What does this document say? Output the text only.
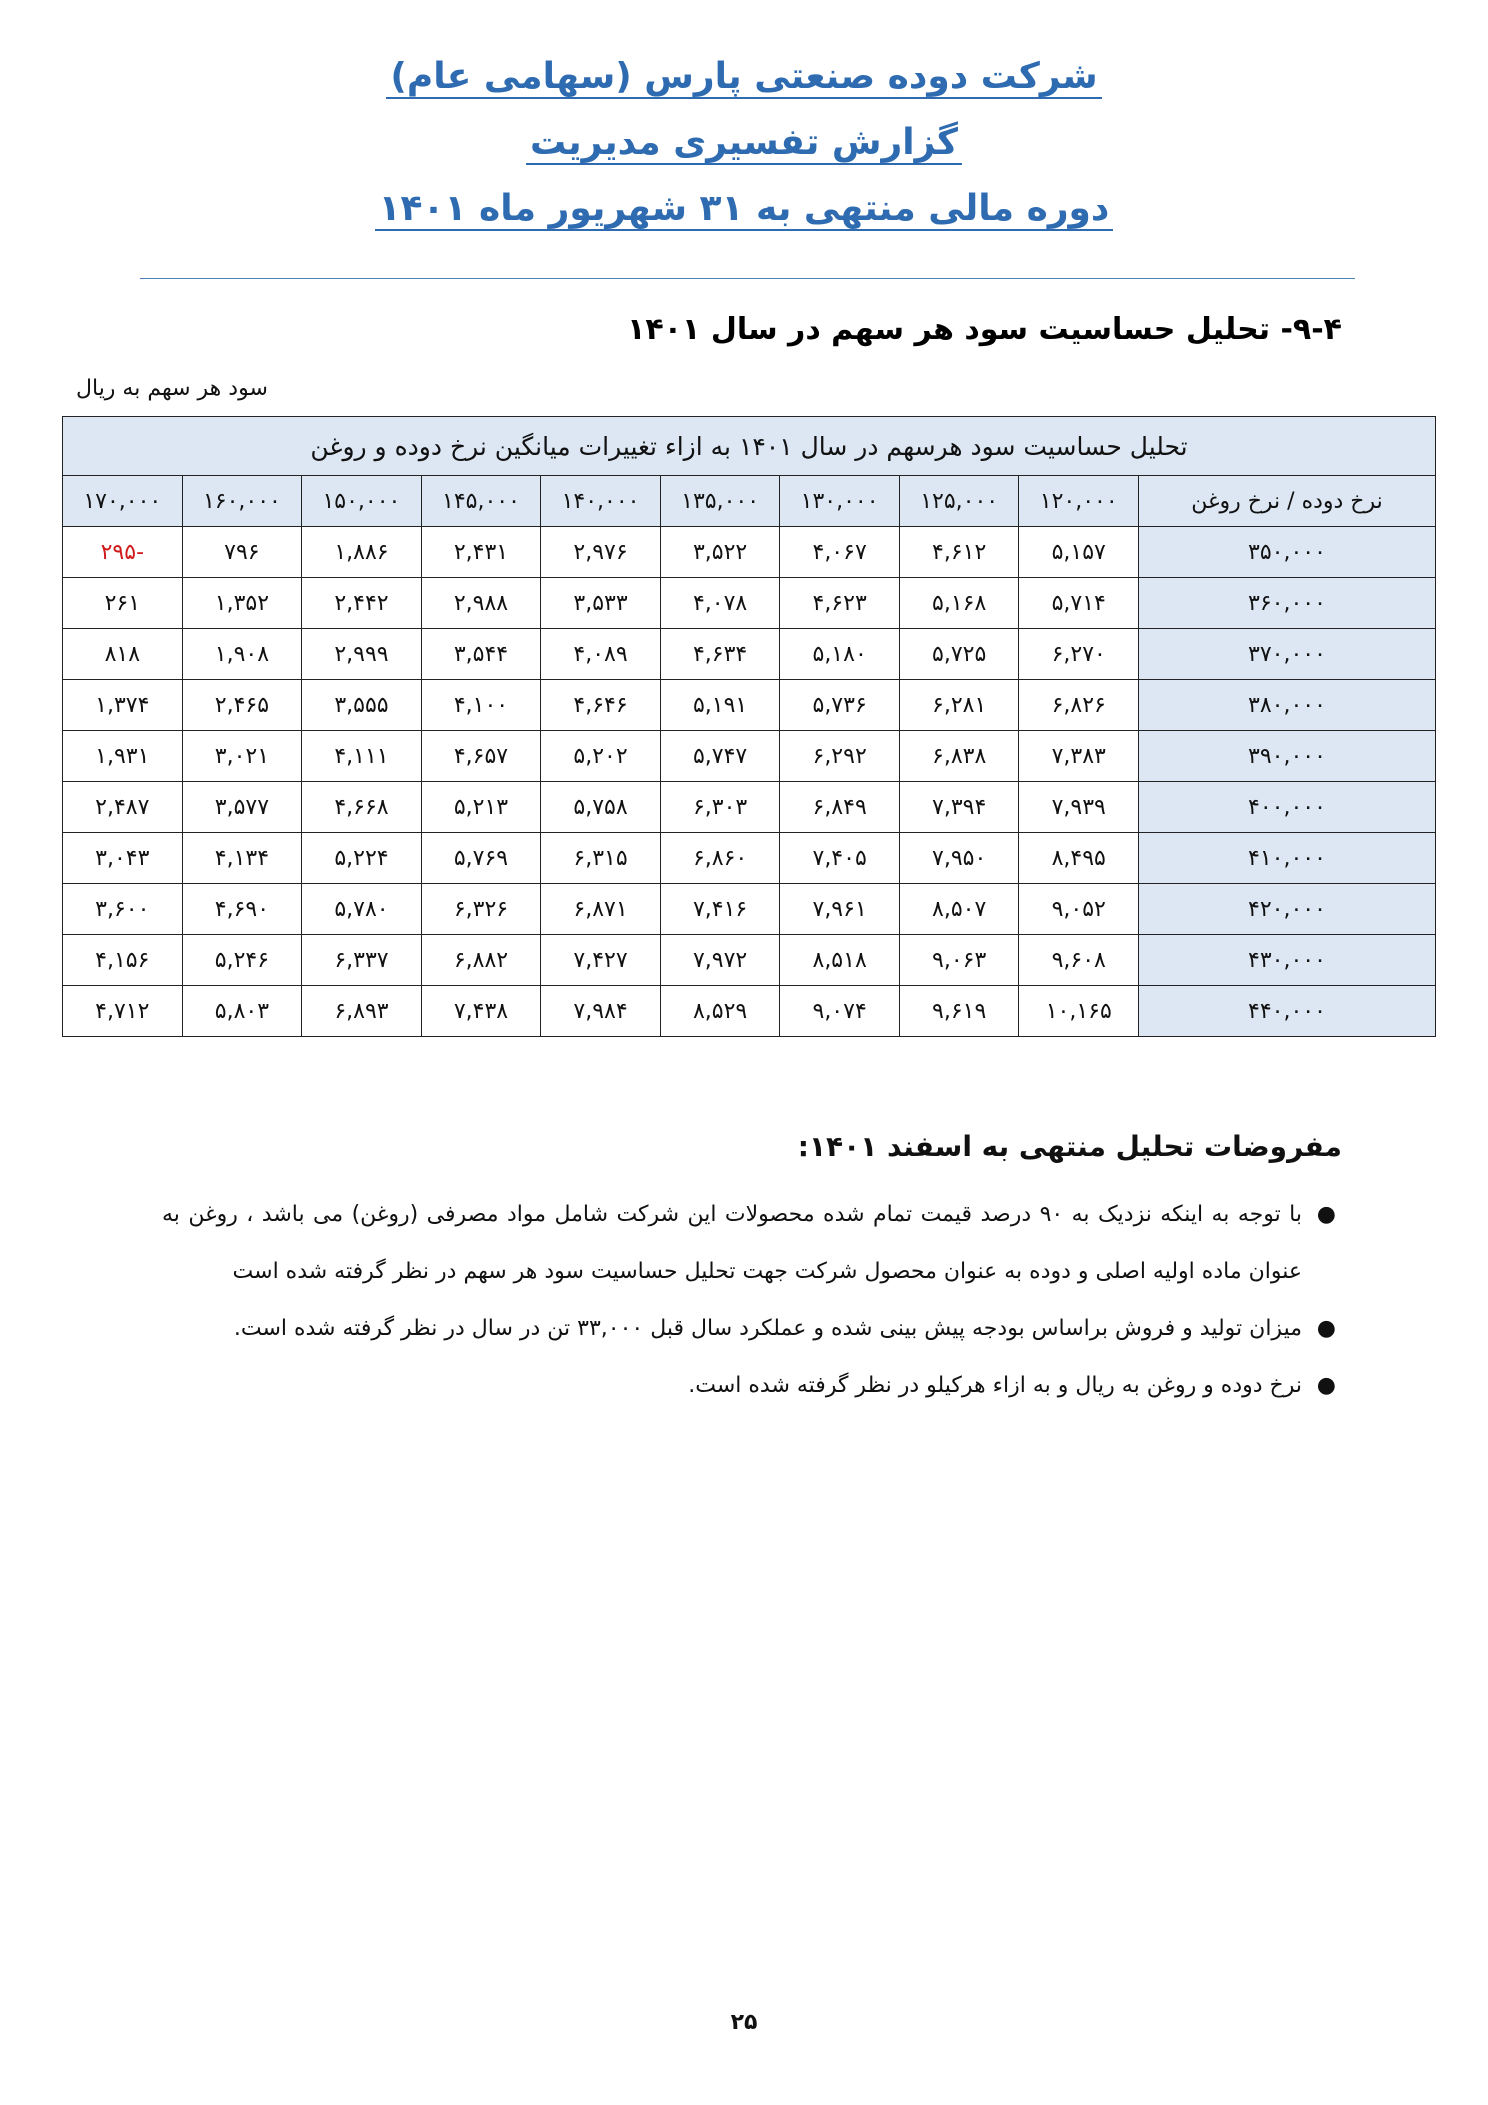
شرکت دوده صنعتی پارس (سهامی عام)
گزارش تفسیری مدیریت
دوره مالی منتهی به ۳۱ شهریور ماه ۱۴۰۱
۹-۴- تحلیل حساسیت سود هر سهم در سال ۱۴۰۱
سود هر سهم به ریال
تحلیل حساسیت سود هرسهم در سال ۱۴۰۱ به ازاء تغییرات میانگین نرخ دوده و روغن									
نرخ دوده / نرخ روغن	۱۲۰,۰۰۰	۱۲۵,۰۰۰	۱۳۰,۰۰۰	۱۳۵,۰۰۰	۱۴۰,۰۰۰	۱۴۵,۰۰۰	۱۵۰,۰۰۰	۱۶۰,۰۰۰	۱۷۰,۰۰۰
۳۵۰,۰۰۰	۵,۱۵۷	۴,۶۱۲	۴,۰۶۷	۳,۵۲۲	۲,۹۷۶	۲,۴۳۱	۱,۸۸۶	۷۹۶	-۲۹۵
۳۶۰,۰۰۰	۵,۷۱۴	۵,۱۶۸	۴,۶۲۳	۴,۰۷۸	۳,۵۳۳	۲,۹۸۸	۲,۴۴۲	۱,۳۵۲	۲۶۱
۳۷۰,۰۰۰	۶,۲۷۰	۵,۷۲۵	۵,۱۸۰	۴,۶۳۴	۴,۰۸۹	۳,۵۴۴	۲,۹۹۹	۱,۹۰۸	۸۱۸
۳۸۰,۰۰۰	۶,۸۲۶	۶,۲۸۱	۵,۷۳۶	۵,۱۹۱	۴,۶۴۶	۴,۱۰۰	۳,۵۵۵	۲,۴۶۵	۱,۳۷۴
۳۹۰,۰۰۰	۷,۳۸۳	۶,۸۳۸	۶,۲۹۲	۵,۷۴۷	۵,۲۰۲	۴,۶۵۷	۴,۱۱۱	۳,۰۲۱	۱,۹۳۱
۴۰۰,۰۰۰	۷,۹۳۹	۷,۳۹۴	۶,۸۴۹	۶,۳۰۳	۵,۷۵۸	۵,۲۱۳	۴,۶۶۸	۳,۵۷۷	۲,۴۸۷
۴۱۰,۰۰۰	۸,۴۹۵	۷,۹۵۰	۷,۴۰۵	۶,۸۶۰	۶,۳۱۵	۵,۷۶۹	۵,۲۲۴	۴,۱۳۴	۳,۰۴۳
۴۲۰,۰۰۰	۹,۰۵۲	۸,۵۰۷	۷,۹۶۱	۷,۴۱۶	۶,۸۷۱	۶,۳۲۶	۵,۷۸۰	۴,۶۹۰	۳,۶۰۰
۴۳۰,۰۰۰	۹,۶۰۸	۹,۰۶۳	۸,۵۱۸	۷,۹۷۲	۷,۴۲۷	۶,۸۸۲	۶,۳۳۷	۵,۲۴۶	۴,۱۵۶
۴۴۰,۰۰۰	۱۰,۱۶۵	۹,۶۱۹	۹,۰۷۴	۸,۵۲۹	۷,۹۸۴	۷,۴۳۸	۶,۸۹۳	۵,۸۰۳	۴,۷۱۲
مفروضات تحلیل منتهی به اسفند ۱۴۰۱:
●
با توجه به اینکه نزدیک به ۹۰ درصد قیمت تمام شده محصولات این شرکت شامل مواد مصرفی (روغن) می باشد ، روغن به عنوان ماده اولیه اصلی و دوده به عنوان محصول شرکت جهت تحلیل حساسیت سود هر سهم در نظر گرفته شده است
●
میزان تولید و فروش براساس بودجه پیش بینی شده و عملکرد سال قبل ۳۳,۰۰۰ تن در سال در نظر گرفته شده است.
●
نرخ دوده و روغن به ریال و به ازاء هرکیلو در نظر گرفته شده است.
۲۵
